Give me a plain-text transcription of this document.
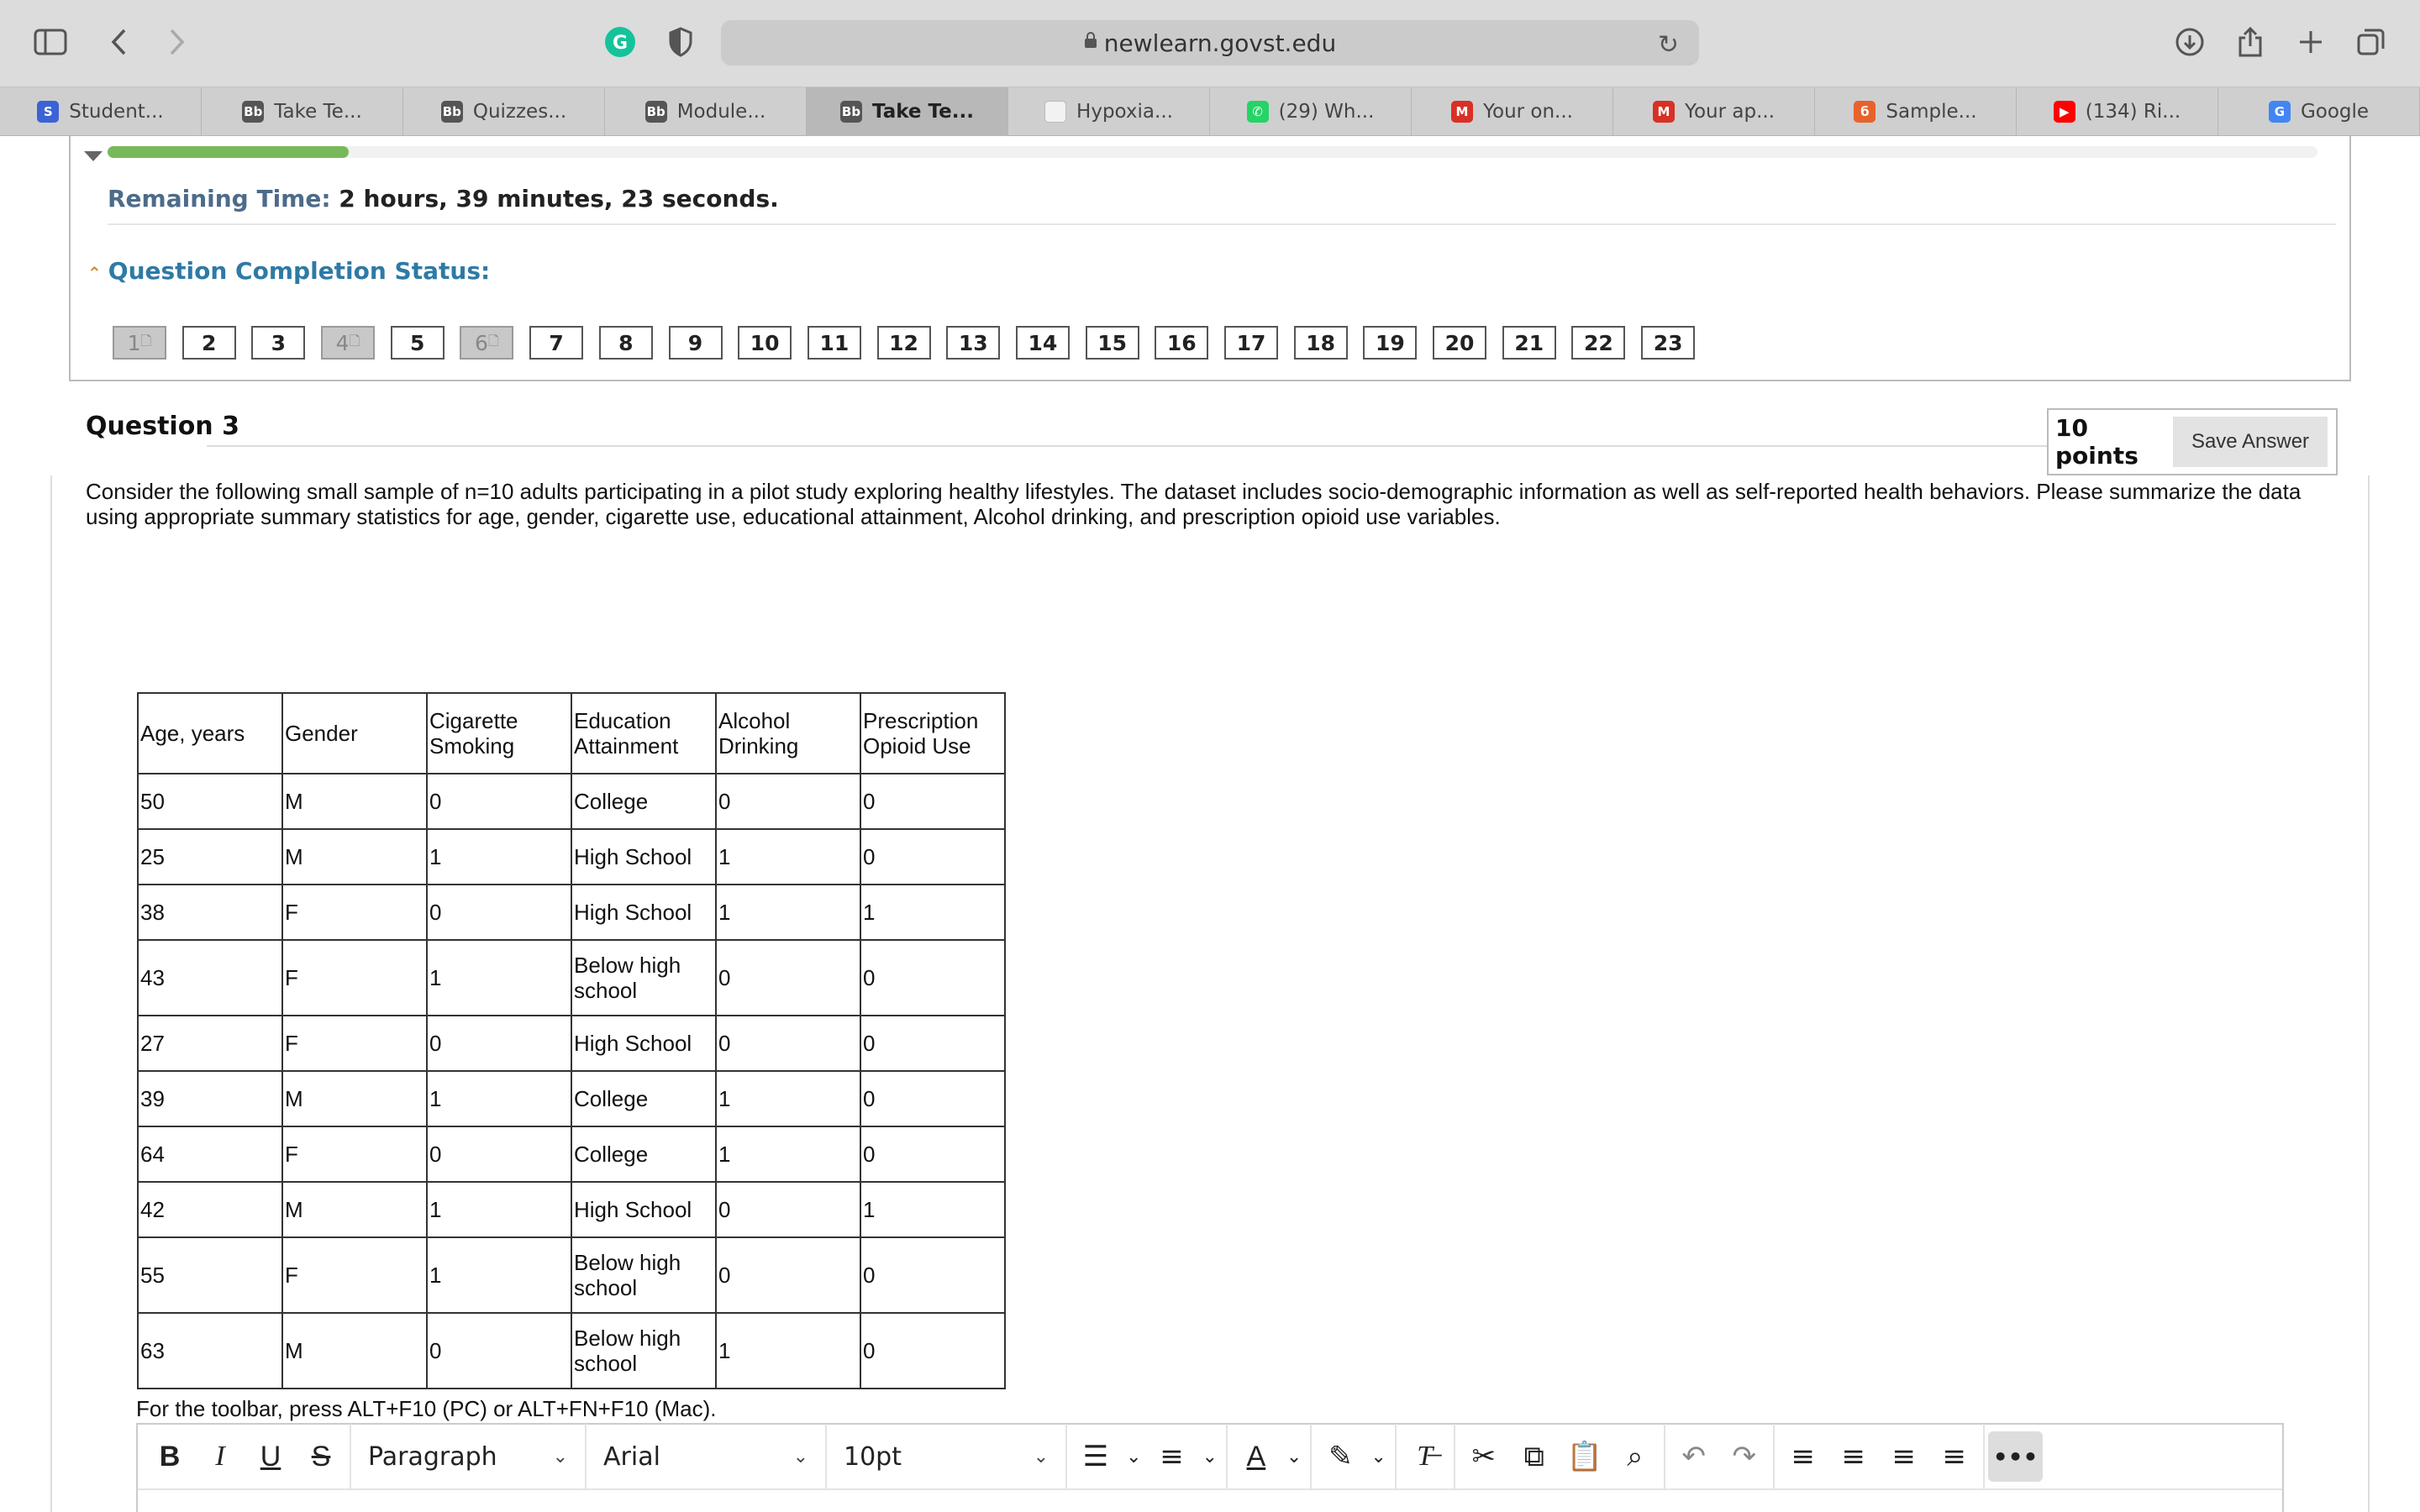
G	newlearn.govst.edu	↻
S Student...	Bb Take Te...	Bb Quizzes...	Bb Module...	Bb Take Te...	Hypoxia...	✆ (29) Wh...	M Your on...	M Your ap...	б Sample...	▶ (134) Ri...	G Google
Remaining Time: 2 hours, 39 minutes, 23 seconds.
⌃ Question Completion Status:
1 🗋 2	3 4 🗋 5 6 🗋 7	8	9 10 11 12 13 14 15 16 17 18 19 20 21 22 23
Question 3	10 points
Save Answer
Consider the following small sample of n=10 adults participating in a pilot study exploring healthy lifestyles. The dataset includes socio-demographic information as well as self-reported health behaviors. Please summarize the data using appropriate summary statistics for age, gender, cigarette use, educational attainment, Alcohol drinking, and prescription opioid use variables.
Age, years	Gender	Cigarette Smoking	Education Attainment	Alcohol Drinking	Prescription Opioid Use
50	M	0	College	0	0
25	M	1	High School	1	0
38	F	0	High School	1	1
43	F	1	Below high school	0	0
27	F	0	High School	0	0
39	M	1	College	1	0
64	F	0	College	1	0
42	M	1	High School	0	1
55	F	1	Below high school	0	0
63	M	0	Below high school	1	0
For the toolbar, press ALT+F10 (PC) or ALT+FN+F10 (Mac).
B	I	U	S	Paragraph	⌄ Arial	⌄ 10pt	⌄	☰ ⌄ ≡ ⌄	A	⌄ ✎ ⌄	T̶	✂ ⧉ 📋 ⌕	↶ ↷	≡ ≡ ≡ ≡	•••
